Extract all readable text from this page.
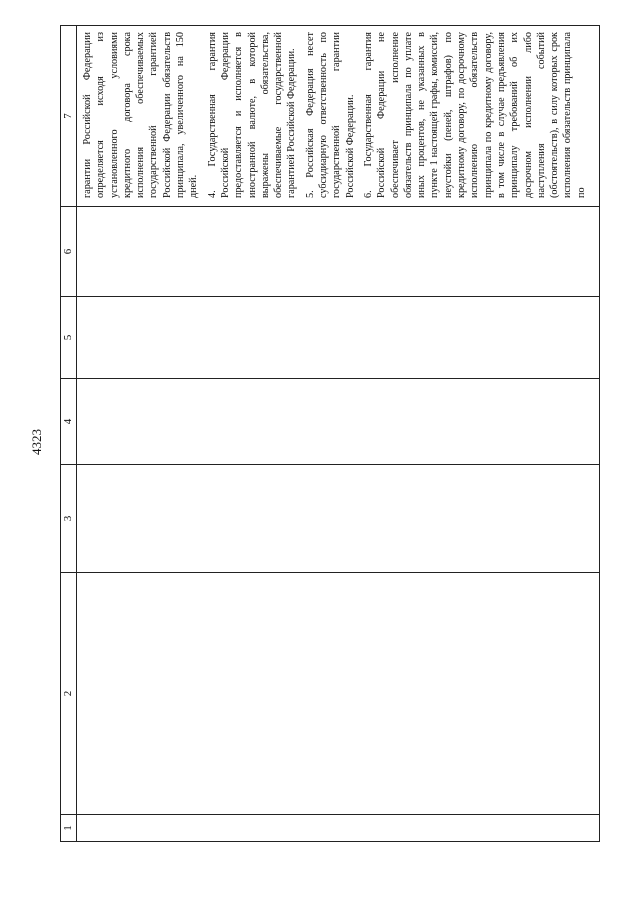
4323
1	2	3	4	5	6	7

						гарантии Российской Федерации определяется исходя из установленного условиями кредитного договора срока исполнения обеспечиваемых государственной гарантией Российской Федерации обязательств принципала, увеличенного на 150 дней. 4. Государственная гарантия Российской Федерации предоставляется и исполняется в иностранной валюте, в которой выражены обязательства, обеспечиваемые государственной гарантией Российской Федерации. 5. Российская Федерация несет субсидиарную ответственность по государственной гарантии Российской Федерации. 6. Государственная гарантия Российской Федерации не обеспечивает исполнение обязательств принципала по уплате иных процентов, не указанных в пункте 1 настоящей графы, комиссий, неустойки (пеней, штрафов) по кредитному договору, по досрочному исполнению обязательств принципала по кредитному договору, в том числе в случае предъявления принципалу требований об их досрочном исполнении либо наступления событий (обстоятельств), в силу которых срок исполнения обязательств принципала по
